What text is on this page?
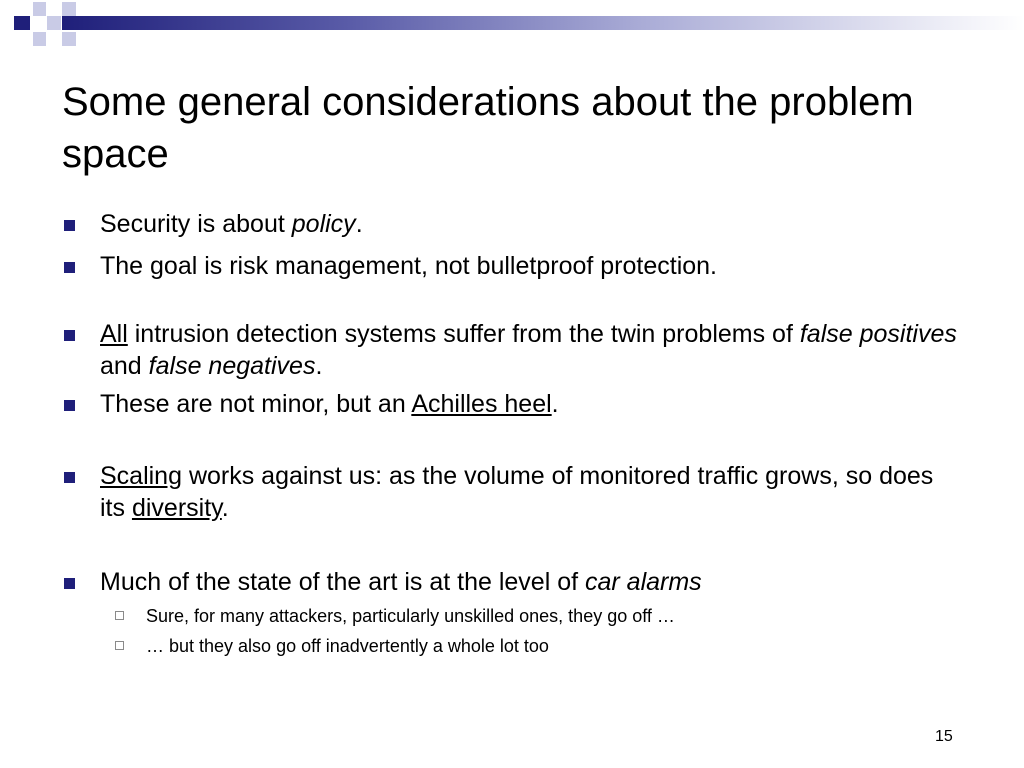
Some general considerations about the problem space
Security is about policy.
The goal is risk management, not bulletproof protection.
All intrusion detection systems suffer from the twin problems of false positives and false negatives.
These are not minor, but an Achilles heel.
Scaling works against us: as the volume of monitored traffic grows, so does its diversity.
Much of the state of the art is at the level of car alarms
Sure, for many attackers, particularly unskilled ones, they go off …
… but they also go off inadvertently a whole lot too
15
